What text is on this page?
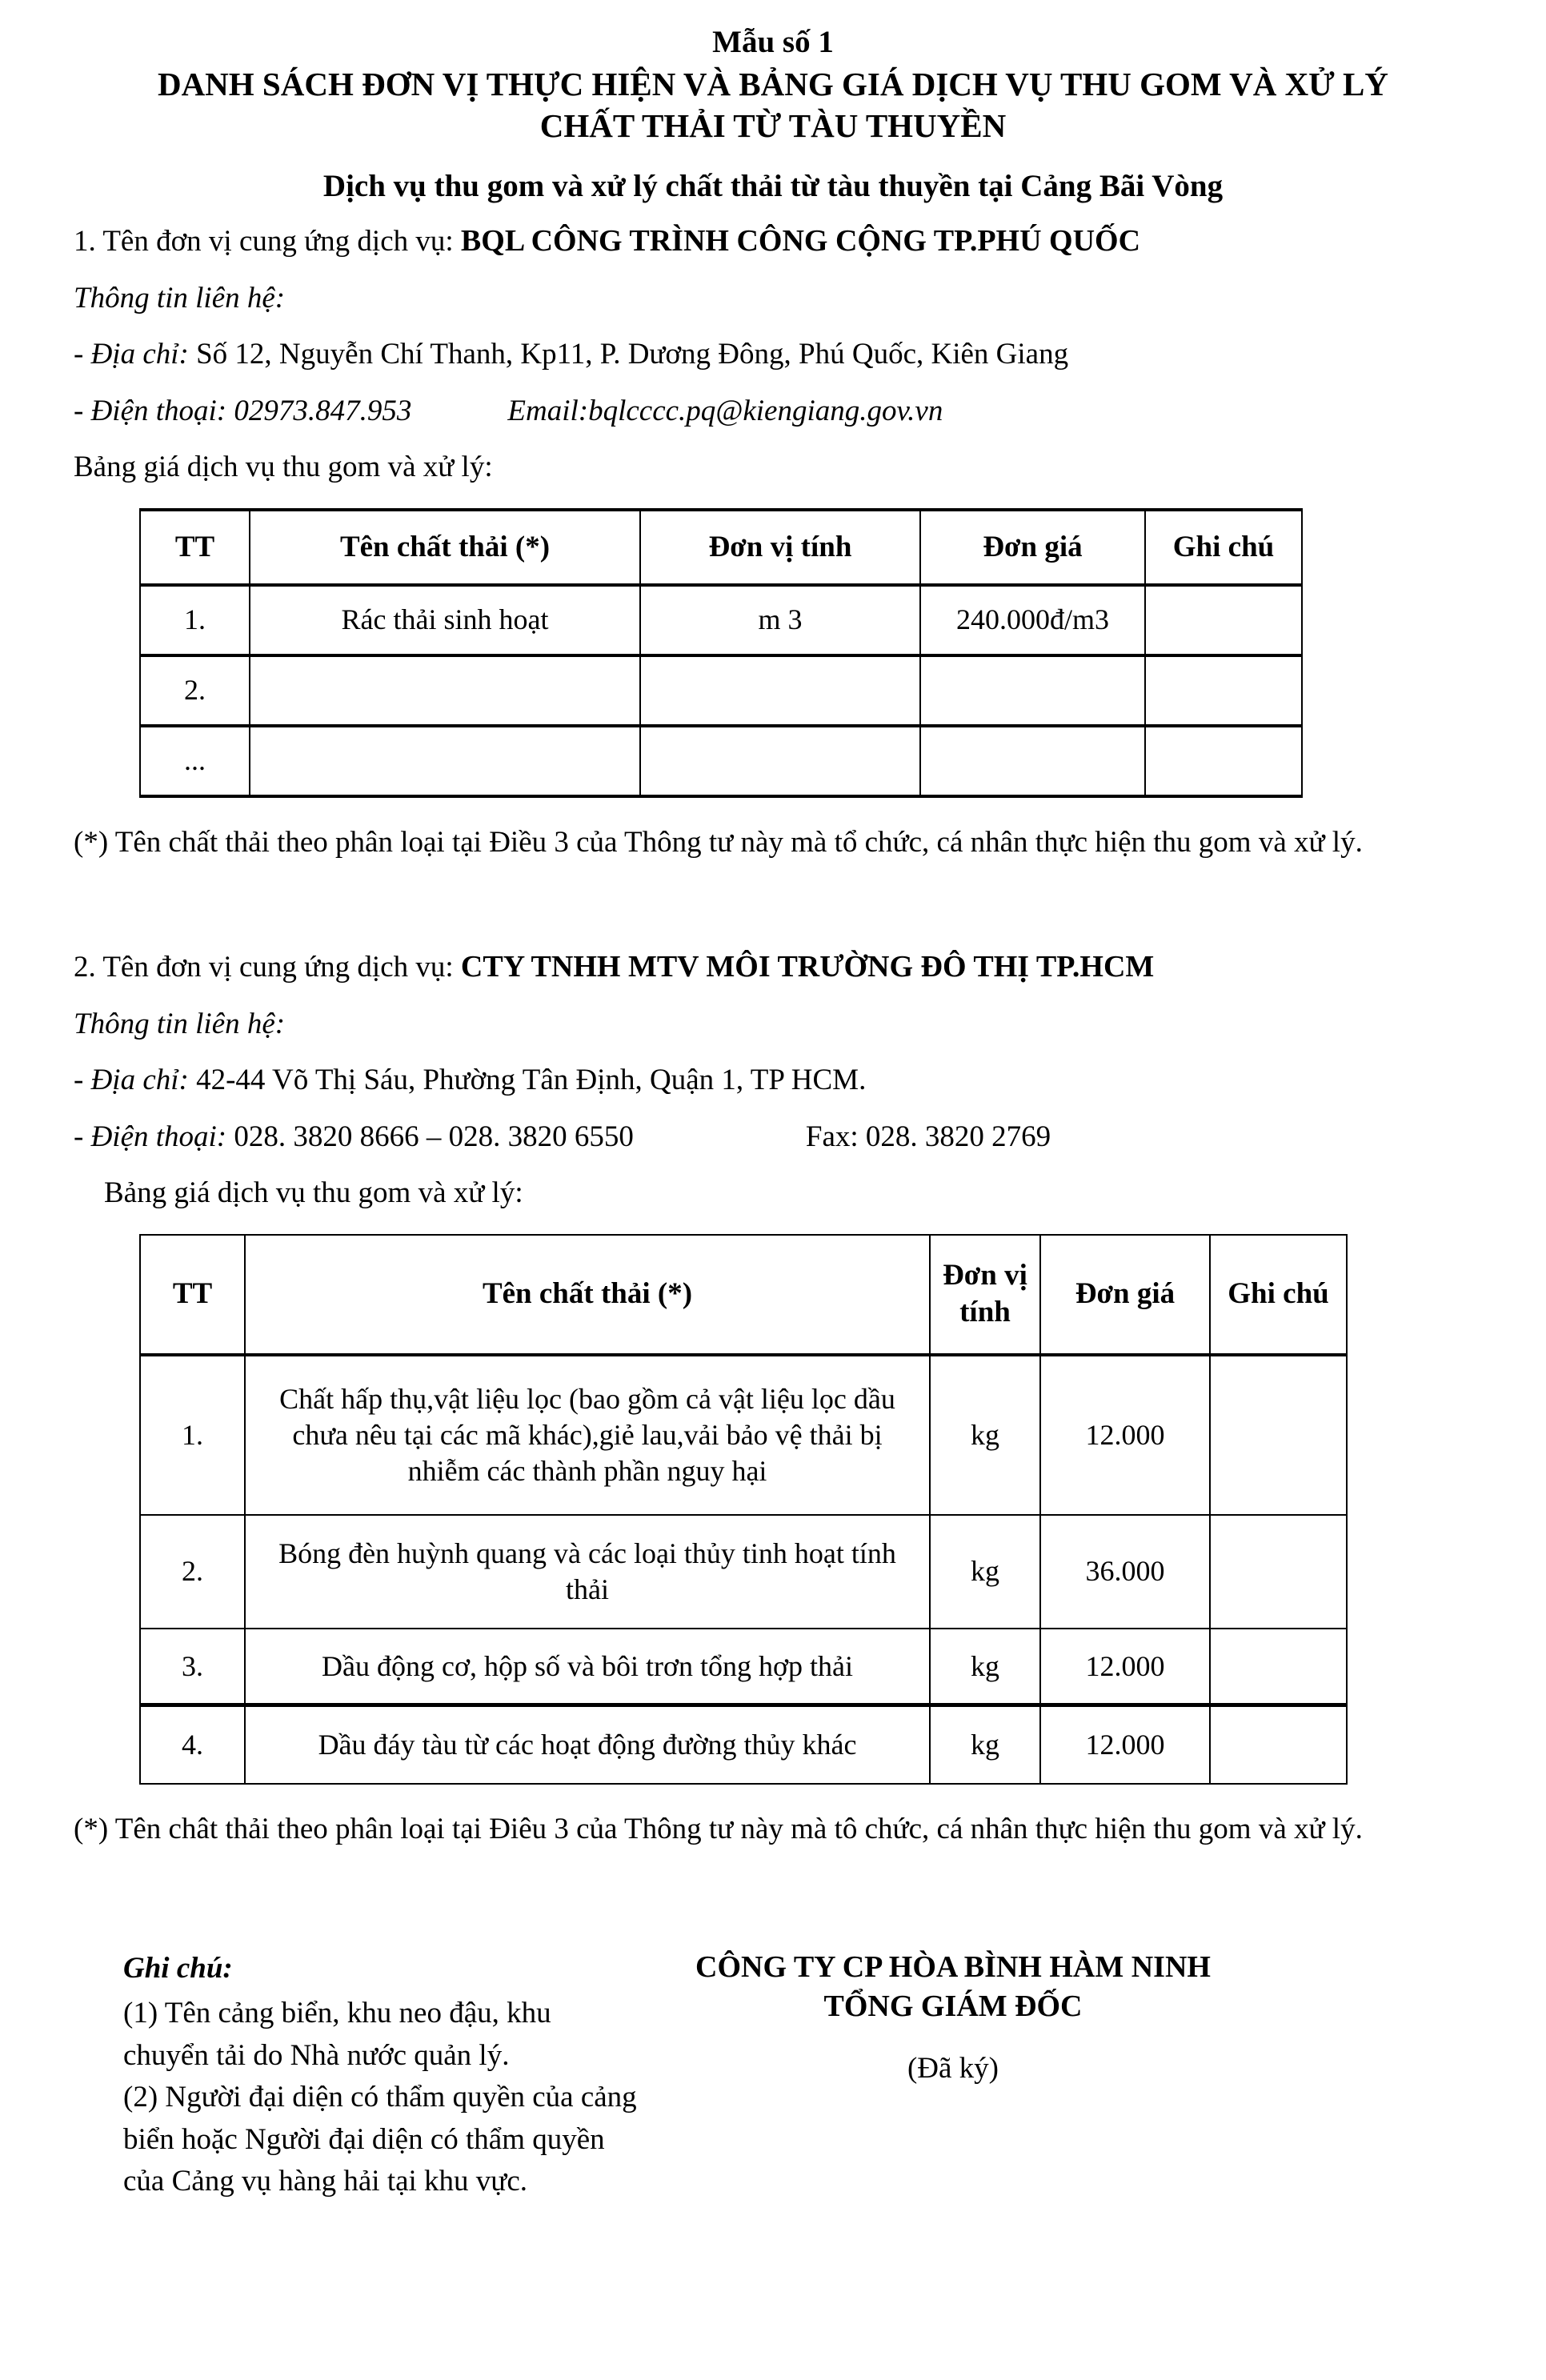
Mẫu số 1
DANH SÁCH ĐƠN VỊ THỰC HIỆN VÀ BẢNG GIÁ DỊCH VỤ THU GOM VÀ XỬ LÝ
CHẤT THẢI TỪ TÀU THUYỀN
Dịch vụ thu gom và xử lý chất thải từ tàu thuyền tại Cảng Bãi Vòng

1. Tên đơn vị cung ứng dịch vụ: BQL CÔNG TRÌNH CÔNG CỘNG TP.PHÚ QUỐC

Thông tin liên hệ:

- Địa chỉ: Số 12, Nguyễn Chí Thanh, Kp11, P. Dương Đông, Phú Quốc, Kiên Giang

- Điện thoại: 02973.847.953	Email:bqlcccc.pq@kiengiang.gov.vn

Bảng giá dịch vụ thu gom và xử lý:

TT	Tên chất thải (*)	Đơn vị tính	Đơn giá	Ghi chú
1.	Rác thải sinh hoạt	m 3	240.000đ/m3	
2.				
...				

(*) Tên chất thải theo phân loại tại Điều 3 của Thông tư này mà tổ chức, cá nhân thực hiện thu gom và xử lý.

2. Tên đơn vị cung ứng dịch vụ: CTY TNHH MTV MÔI TRƯỜNG ĐÔ THỊ TP.HCM

Thông tin liên hệ:

- Địa chỉ: 42-44 Võ Thị Sáu, Phường Tân Định, Quận 1, TP HCM.

- Điện thoại: 028. 3820 8666 – 028. 3820 6550	Fax: 028. 3820 2769

Bảng giá dịch vụ thu gom và xử lý:

TT	Tên chất thải (*)	Đơn vị tính	Đơn giá	Ghi chú
1.	Chất hấp thụ,vật liệu lọc (bao gồm cả vật liệu lọc dầu chưa nêu tại các mã khác),giẻ lau,vải bảo vệ thải bị nhiễm các thành phần nguy hại	kg	12.000	
2.	Bóng đèn huỳnh quang và các loại thủy tinh hoạt tính thải	kg	36.000	
3.	Dầu động cơ, hộp số và bôi trơn tổng hợp thải	kg	12.000	
4.	Dầu đáy tàu từ các hoạt động đường thủy khác	kg	12.000	

(*) Tên chât thải theo phân loại tại Điêu 3 của Thông tư này mà tô chức, cá nhân thực hiện thu gom và xử lý.

Ghi chú:
(1) Tên cảng biển, khu neo đậu, khu chuyển tải do Nhà nước quản lý.
(2) Người đại diện có thẩm quyền của cảng biển hoặc Người đại diện có thẩm quyền của Cảng vụ hàng hải tại khu vực.
CÔNG TY CP HÒA BÌNH HÀM NINH
TỔNG GIÁM ĐỐC
(Đã ký)
